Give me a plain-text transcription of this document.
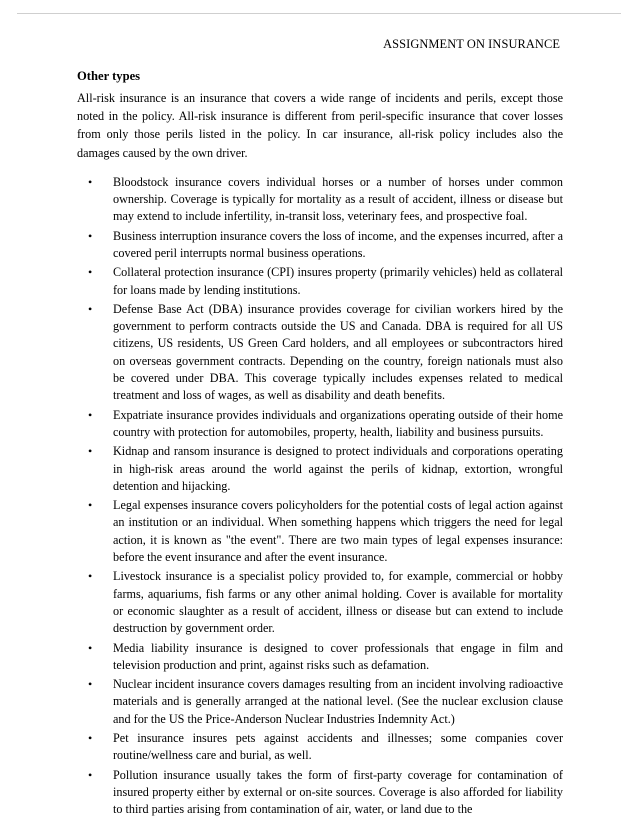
ASSIGNMENT ON INSURANCE
Other types

All-risk insurance is an insurance that covers a wide range of incidents and perils, except those noted in the policy. All-risk insurance is different from peril-specific insurance that cover losses from only those perils listed in the policy. In car insurance, all-risk policy includes also the damages caused by the own driver.

• Bloodstock insurance covers individual horses or a number of horses under common ownership. Coverage is typically for mortality as a result of accident, illness or disease but may extend to include infertility, in-transit loss, veterinary fees, and prospective foal.
• Business interruption insurance covers the loss of income, and the expenses incurred, after a covered peril interrupts normal business operations.
• Collateral protection insurance (CPI) insures property (primarily vehicles) held as collateral for loans made by lending institutions.
• Defense Base Act (DBA) insurance provides coverage for civilian workers hired by the government to perform contracts outside the US and Canada. DBA is required for all US citizens, US residents, US Green Card holders, and all employees or subcontractors hired on overseas government contracts. Depending on the country, foreign nationals must also be covered under DBA. This coverage typically includes expenses related to medical treatment and loss of wages, as well as disability and death benefits.
• Expatriate insurance provides individuals and organizations operating outside of their home country with protection for automobiles, property, health, liability and business pursuits.
• Kidnap and ransom insurance is designed to protect individuals and corporations operating in high-risk areas around the world against the perils of kidnap, extortion, wrongful detention and hijacking.
• Legal expenses insurance covers policyholders for the potential costs of legal action against an institution or an individual. When something happens which triggers the need for legal action, it is known as "the event". There are two main types of legal expenses insurance: before the event insurance and after the event insurance.
• Livestock insurance is a specialist policy provided to, for example, commercial or hobby farms, aquariums, fish farms or any other animal holding. Cover is available for mortality or economic slaughter as a result of accident, illness or disease but can extend to include destruction by government order.
• Media liability insurance is designed to cover professionals that engage in film and television production and print, against risks such as defamation.
• Nuclear incident insurance covers damages resulting from an incident involving radioactive materials and is generally arranged at the national level. (See the nuclear exclusion clause and for the US the Price-Anderson Nuclear Industries Indemnity Act.)
• Pet insurance insures pets against accidents and illnesses; some companies cover routine/wellness care and burial, as well.
• Pollution insurance usually takes the form of first-party coverage for contamination of insured property either by external or on-site sources. Coverage is also afforded for liability to third parties arising from contamination of air, water, or land due to the
